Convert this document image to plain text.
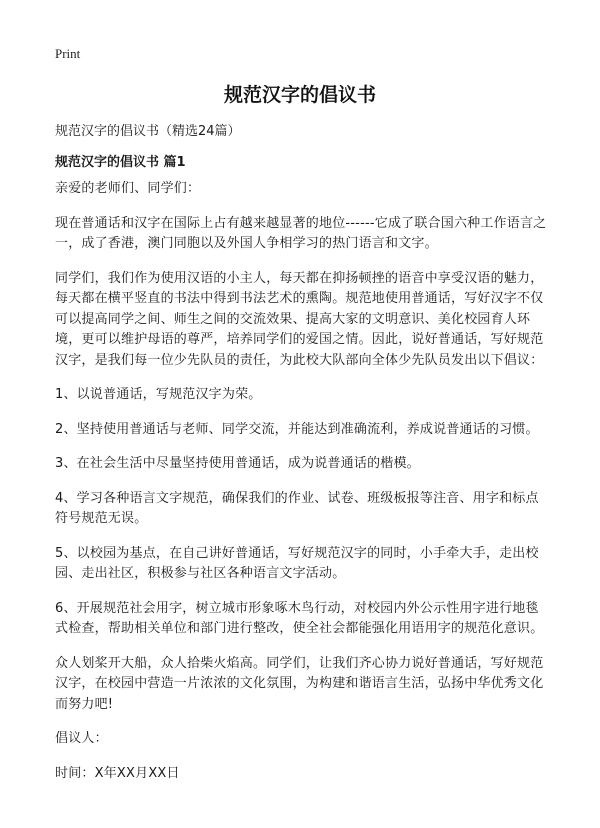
Print
规范汉字的倡议书

规范汉字的倡议书（精选24篇）

规范汉字的倡议书 篇1

亲爱的老师们、同学们：

现在普通话和汉字在国际上占有越来越显著的地位------它成了联合国六种工作语言之一，成了香港，澳门同胞以及外国人争相学习的热门语言和文字。

同学们，我们作为使用汉语的小主人，每天都在抑扬顿挫的语音中享受汉语的魅力，每天都在横平竖直的书法中得到书法艺术的熏陶。规范地使用普通话，写好汉字不仅可以提高同学之间、师生之间的交流效果、提高大家的文明意识、美化校园育人环境，更可以维护母语的尊严，培养同学们的爱国之情。因此，说好普通话，写好规范汉字，是我们每一位少先队员的责任，为此校大队部向全体少先队员发出以下倡议：

1、以说普通话，写规范汉字为荣。

2、坚持使用普通话与老师、同学交流，并能达到准确流利，养成说普通话的习惯。

3、在社会生活中尽量坚持使用普通话，成为说普通话的楷模。

4、学习各种语言文字规范，确保我们的作业、试卷、班级板报等注音、用字和标点符号规范无误。

5、以校园为基点，在自己讲好普通话，写好规范汉字的同时，小手牵大手，走出校园、走出社区，积极参与社区各种语言文字活动。

6、开展规范社会用字，树立城市形象啄木鸟行动，对校园内外公示性用字进行地毯式检查，帮助相关单位和部门进行整改，使全社会都能强化用语用字的规范化意识。

众人划桨开大船，众人拾柴火焰高。同学们，让我们齐心协力说好普通话，写好规范汉字，在校园中营造一片浓浓的文化氛围，为构建和谐语言生活，弘扬中华优秀文化而努力吧!

倡议人：

时间：X年XX月XX日
